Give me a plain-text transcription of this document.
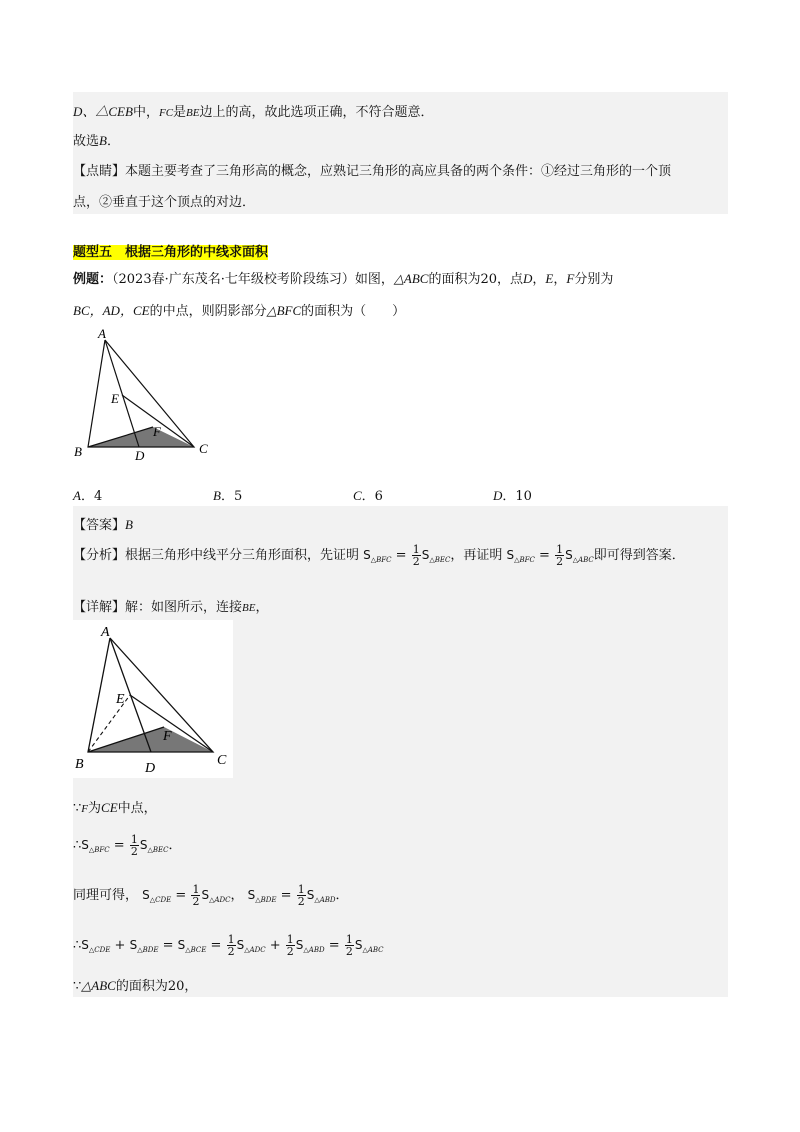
D、△CEB中，FC是BE边上的高，故此选项正确，不符合题意．
故选B．
【点睛】本题主要考查了三角形高的概念，应熟记三角形的高应具备的两个条件：①经过三角形的一个顶
点，②垂直于这个顶点的对边．
题型五　根据三角形的中线求面积
例题：（2023春·广东茂名·七年级校考阶段练习）如图，△ABC的面积为20，点D，E，F分别为
BC，AD，CE的中点，则阴影部分△BFC的面积为（　　）
A
B	C
D
E
F
A．4	B．5	C．6	D．10
【答案】B
【分析】根据三角形中线平分三角形面积，先证明 $S_{\triangle BFC} = \frac{1}{2} S_{\triangle BEC}$，再证明 $S_{\triangle BFC} = \frac{1}{2} S_{\triangle ABC}$即可得到答案．
【详解】解：如图所示，连接BE，
A
B	C
D
E
F
∵F为CE中点，
$\therefore S_{\triangle BFC} = \frac{1}{2} S_{\triangle BEC}$．
同理可得， $S_{\triangle CDE} = \frac{1}{2} S_{\triangle ADC}$， $S_{\triangle BDE} = \frac{1}{2} S_{\triangle ABD}$．
$\therefore S_{\triangle CDE} + S_{\triangle BDE} = S_{\triangle BCE} = \frac{1}{2} S_{\triangle ADC} + \frac{1}{2} S_{\triangle ABD} = \frac{1}{2} S_{\triangle ABC}$
∵△ABC的面积为20，
